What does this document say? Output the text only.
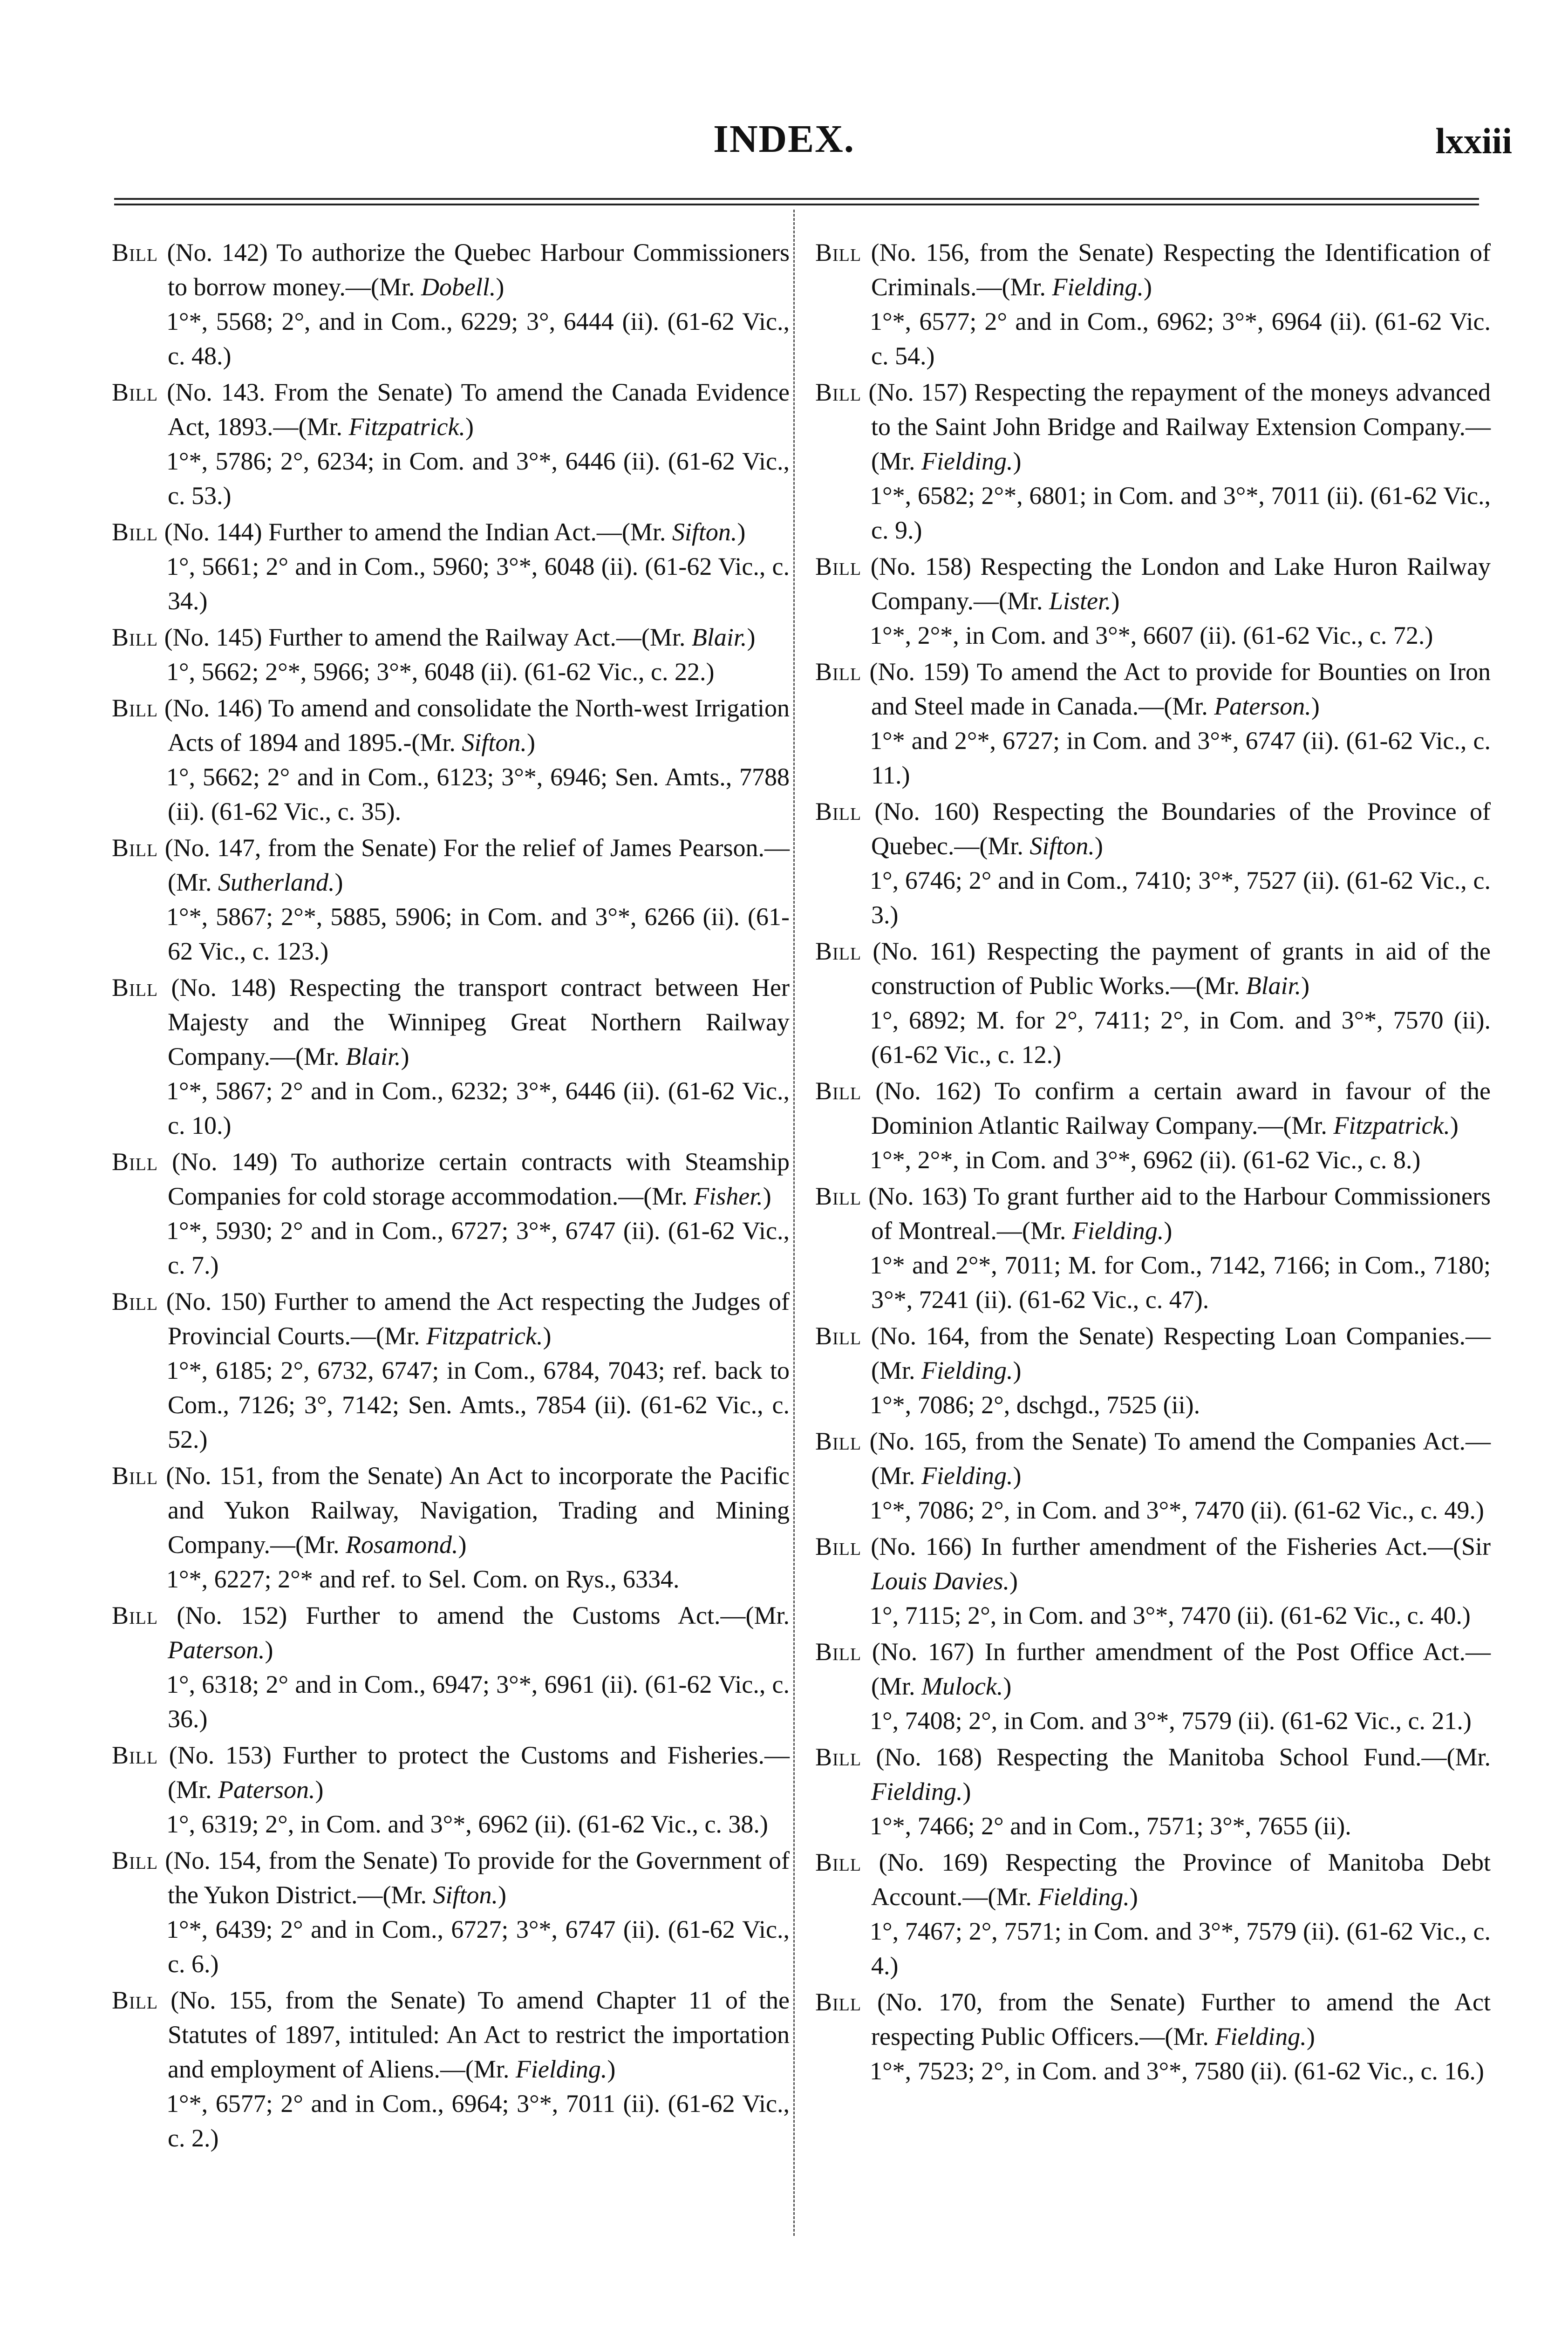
INDEX.	lxxiii

Bill (No. 142) To authorize the Quebec Harbour Commissioners to borrow money.—(Mr. Dobell.)

1°*, 5568; 2°, and in Com., 6229; 3°, 6444 (ii). (61-62 Vic., c. 48.)

Bill (No. 143. From the Senate) To amend the Canada Evidence Act, 1893.—(Mr. Fitzpatrick.)

1°*, 5786; 2°, 6234; in Com. and 3°*, 6446 (ii). (61-62 Vic., c. 53.)

Bill (No. 144) Further to amend the Indian Act.—(Mr. Sifton.)

1°, 5661; 2° and in Com., 5960; 3°*, 6048 (ii). (61-62 Vic., c. 34.)

Bill (No. 145) Further to amend the Railway Act.—(Mr. Blair.)

1°, 5662; 2°*, 5966; 3°*, 6048 (ii). (61-62 Vic., c. 22.)

Bill (No. 146) To amend and consolidate the North-west Irrigation Acts of 1894 and 1895.-(Mr. Sifton.)

1°, 5662; 2° and in Com., 6123; 3°*, 6946; Sen. Amts., 7788 (ii). (61-62 Vic., c. 35).

Bill (No. 147, from the Senate) For the relief of James Pearson.—(Mr. Sutherland.)

1°*, 5867; 2°*, 5885, 5906; in Com. and 3°*, 6266 (ii). (61-62 Vic., c. 123.)

Bill (No. 148) Respecting the transport contract between Her Majesty and the Winnipeg Great Northern Railway Company.—(Mr. Blair.)

1°*, 5867; 2° and in Com., 6232; 3°*, 6446 (ii). (61-62 Vic., c. 10.)

Bill (No. 149) To authorize certain contracts with Steamship Companies for cold storage accommodation.—(Mr. Fisher.)

1°*, 5930; 2° and in Com., 6727; 3°*, 6747 (ii). (61-62 Vic., c. 7.)

Bill (No. 150) Further to amend the Act respecting the Judges of Provincial Courts.—(Mr. Fitzpatrick.)

1°*, 6185; 2°, 6732, 6747; in Com., 6784, 7043; ref. back to Com., 7126; 3°, 7142; Sen. Amts., 7854 (ii). (61-62 Vic., c. 52.)

Bill (No. 151, from the Senate) An Act to incorporate the Pacific and Yukon Railway, Navigation, Trading and Mining Company.—(Mr. Rosamond.)

1°*, 6227; 2°* and ref. to Sel. Com. on Rys., 6334.

Bill (No. 152) Further to amend the Customs Act.—(Mr. Paterson.)

1°, 6318; 2° and in Com., 6947; 3°*, 6961 (ii). (61-62 Vic., c. 36.)

Bill (No. 153) Further to protect the Customs and Fisheries.—(Mr. Paterson.)

1°, 6319; 2°, in Com. and 3°*, 6962 (ii). (61-62 Vic., c. 38.)

Bill (No. 154, from the Senate) To provide for the Government of the Yukon District.—(Mr. Sifton.)

1°*, 6439; 2° and in Com., 6727; 3°*, 6747 (ii). (61-62 Vic., c. 6.)

Bill (No. 155, from the Senate) To amend Chapter 11 of the Statutes of 1897, intituled: An Act to restrict the importation and employment of Aliens.—(Mr. Fielding.)

1°*, 6577; 2° and in Com., 6964; 3°*, 7011 (ii). (61-62 Vic., c. 2.)

Bill (No. 156, from the Senate) Respecting the Identification of Criminals.—(Mr. Fielding.)

1°*, 6577; 2° and in Com., 6962; 3°*, 6964 (ii). (61-62 Vic. c. 54.)

Bill (No. 157) Respecting the repayment of the moneys advanced to the Saint John Bridge and Railway Extension Company.—(Mr. Fielding.)

1°*, 6582; 2°*, 6801; in Com. and 3°*, 7011 (ii). (61-62 Vic., c. 9.)

Bill (No. 158) Respecting the London and Lake Huron Railway Company.—(Mr. Lister.)

1°*, 2°*, in Com. and 3°*, 6607 (ii). (61-62 Vic., c. 72.)

Bill (No. 159) To amend the Act to provide for Bounties on Iron and Steel made in Canada.—(Mr. Paterson.)

1°* and 2°*, 6727; in Com. and 3°*, 6747 (ii). (61-62 Vic., c. 11.)

Bill (No. 160) Respecting the Boundaries of the Province of Quebec.—(Mr. Sifton.)

1°, 6746; 2° and in Com., 7410; 3°*, 7527 (ii). (61-62 Vic., c. 3.)

Bill (No. 161) Respecting the payment of grants in aid of the construction of Public Works.—(Mr. Blair.)

1°, 6892; M. for 2°, 7411; 2°, in Com. and 3°*, 7570 (ii). (61-62 Vic., c. 12.)

Bill (No. 162) To confirm a certain award in favour of the Dominion Atlantic Railway Company.—(Mr. Fitzpatrick.)

1°*, 2°*, in Com. and 3°*, 6962 (ii). (61-62 Vic., c. 8.)

Bill (No. 163) To grant further aid to the Harbour Commissioners of Montreal.—(Mr. Fielding.)

1°* and 2°*, 7011; M. for Com., 7142, 7166; in Com., 7180; 3°*, 7241 (ii). (61-62 Vic., c. 47).

Bill (No. 164, from the Senate) Respecting Loan Companies.—(Mr. Fielding.)

1°*, 7086; 2°, dschgd., 7525 (ii).

Bill (No. 165, from the Senate) To amend the Companies Act.—(Mr. Fielding.)

1°*, 7086; 2°, in Com. and 3°*, 7470 (ii). (61-62 Vic., c. 49.)

Bill (No. 166) In further amendment of the Fisheries Act.—(Sir Louis Davies.)

1°, 7115; 2°, in Com. and 3°*, 7470 (ii). (61-62 Vic., c. 40.)

Bill (No. 167) In further amendment of the Post Office Act.—(Mr. Mulock.)

1°, 7408; 2°, in Com. and 3°*, 7579 (ii). (61-62 Vic., c. 21.)

Bill (No. 168) Respecting the Manitoba School Fund.—(Mr. Fielding.)

1°*, 7466; 2° and in Com., 7571; 3°*, 7655 (ii).

Bill (No. 169) Respecting the Province of Manitoba Debt Account.—(Mr. Fielding.)

1°, 7467; 2°, 7571; in Com. and 3°*, 7579 (ii). (61-62 Vic., c. 4.)

Bill (No. 170, from the Senate) Further to amend the Act respecting Public Officers.—(Mr. Fielding.)

1°*, 7523; 2°, in Com. and 3°*, 7580 (ii). (61-62 Vic., c. 16.)
